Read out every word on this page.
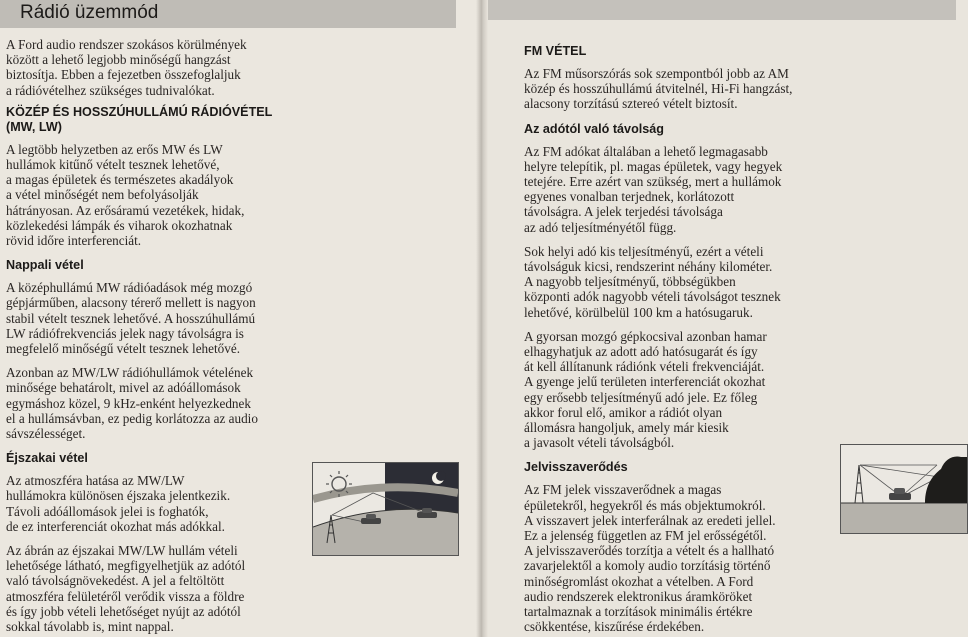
Rádió üzemmód

A Ford audio rendszer szokásos körülmények
között a lehető legjobb minőségű hangzást
biztosítja. Ebben a fejezetben összefoglaljuk
a rádióvételhez szükséges tudnivalókat.

KÖZÉP ÉS HOSSZÚHULLÁMÚ RÁDIÓVÉTEL
(MW, LW)

A legtöbb helyzetben az erős MW és LW
hullámok kitűnő vételt tesznek lehetővé,
a magas épületek és természetes akadályok
a vétel minőségét nem befolyásolják
hátrányosan. Az erősáramú vezetékek, hidak,
közlekedési lámpák és viharok okozhatnak
rövid időre interferenciát.

Nappali vétel

A középhullámú MW rádióadások még mozgó
gépjárműben, alacsony térerő mellett is nagyon
stabil vételt tesznek lehetővé. A hosszúhullámú
LW rádiófrekvenciás jelek nagy távolságra is
megfelelő minőségű vételt tesznek lehetővé.

Azonban az MW/LW rádióhullámok vételének
minősége behatárolt, mivel az adóállomások
egymáshoz közel, 9 kHz-enként helyezkednek
el a hullámsávban, ez pedig korlátozza az audio
sávszélességet.

Éjszakai vétel

Az atmoszféra hatása az MW/LW
hullámokra különösen éjszaka jelentkezik.
Távoli adóállomások jelei is foghatók,
de ez interferenciát okozhat más adókkal.

Az ábrán az éjszakai MW/LW hullám vételi
lehetősége látható, megfigyelhetjük az adótól
való távolságnövekedést. A jel a feltöltött
atmoszféra felületéről verődik vissza a földre
és így jobb vételi lehetőséget nyújt az adótól
sokkal távolabb is, mint nappal.

FM VÉTEL

Az FM műsorszórás sok szempontból jobb az AM
közép és hosszúhullámú átvitelnél, Hi-Fi hangzást,
alacsony torzítású sztereó vételt biztosít.

Az adótól való távolság

Az FM adókat általában a lehető legmagasabb
helyre telepítik, pl. magas épületek, vagy hegyek
tetejére. Erre azért van szükség, mert a hullámok
egyenes vonalban terjednek, korlátozott
távolságra. A jelek terjedési távolsága
az adó teljesítményétől függ.

Sok helyi adó kis teljesítményű, ezért a vételi
távolságuk kicsi, rendszerint néhány kilométer.
A nagyobb teljesítményű, többségükben
központi adók nagyobb vételi távolságot tesznek
lehetővé, körülbelül 100 km a hatósugaruk.

A gyorsan mozgó gépkocsival azonban hamar
elhagyhatjuk az adott adó hatósugarát és így
át kell állítanunk rádiónk vételi frekvenciáját.
A gyenge jelű területen interferenciát okozhat
egy erősebb teljesítményű adó jele. Ez főleg
akkor forul elő, amikor a rádiót olyan
állomásra hangoljuk, amely már kiesik
a javasolt vételi távolságból.

Jelvisszaverődés

Az FM jelek visszaverődnek a magas
épületekről, hegyekről és más objektumokról.
A visszavert jelek interferálnak az eredeti jellel.
Ez a jelenség független az FM jel erősségétől.
A jelvisszaverődés torzítja a vételt és a hallható
zavarjelektől a komoly audio torzításig történő
minőségromlást okozhat a vételben. A Ford
audio rendszerek elektronikus áramköröket
tartalmaznak a torzítások minimális értékre
csökkentése, kiszűrése érdekében.
